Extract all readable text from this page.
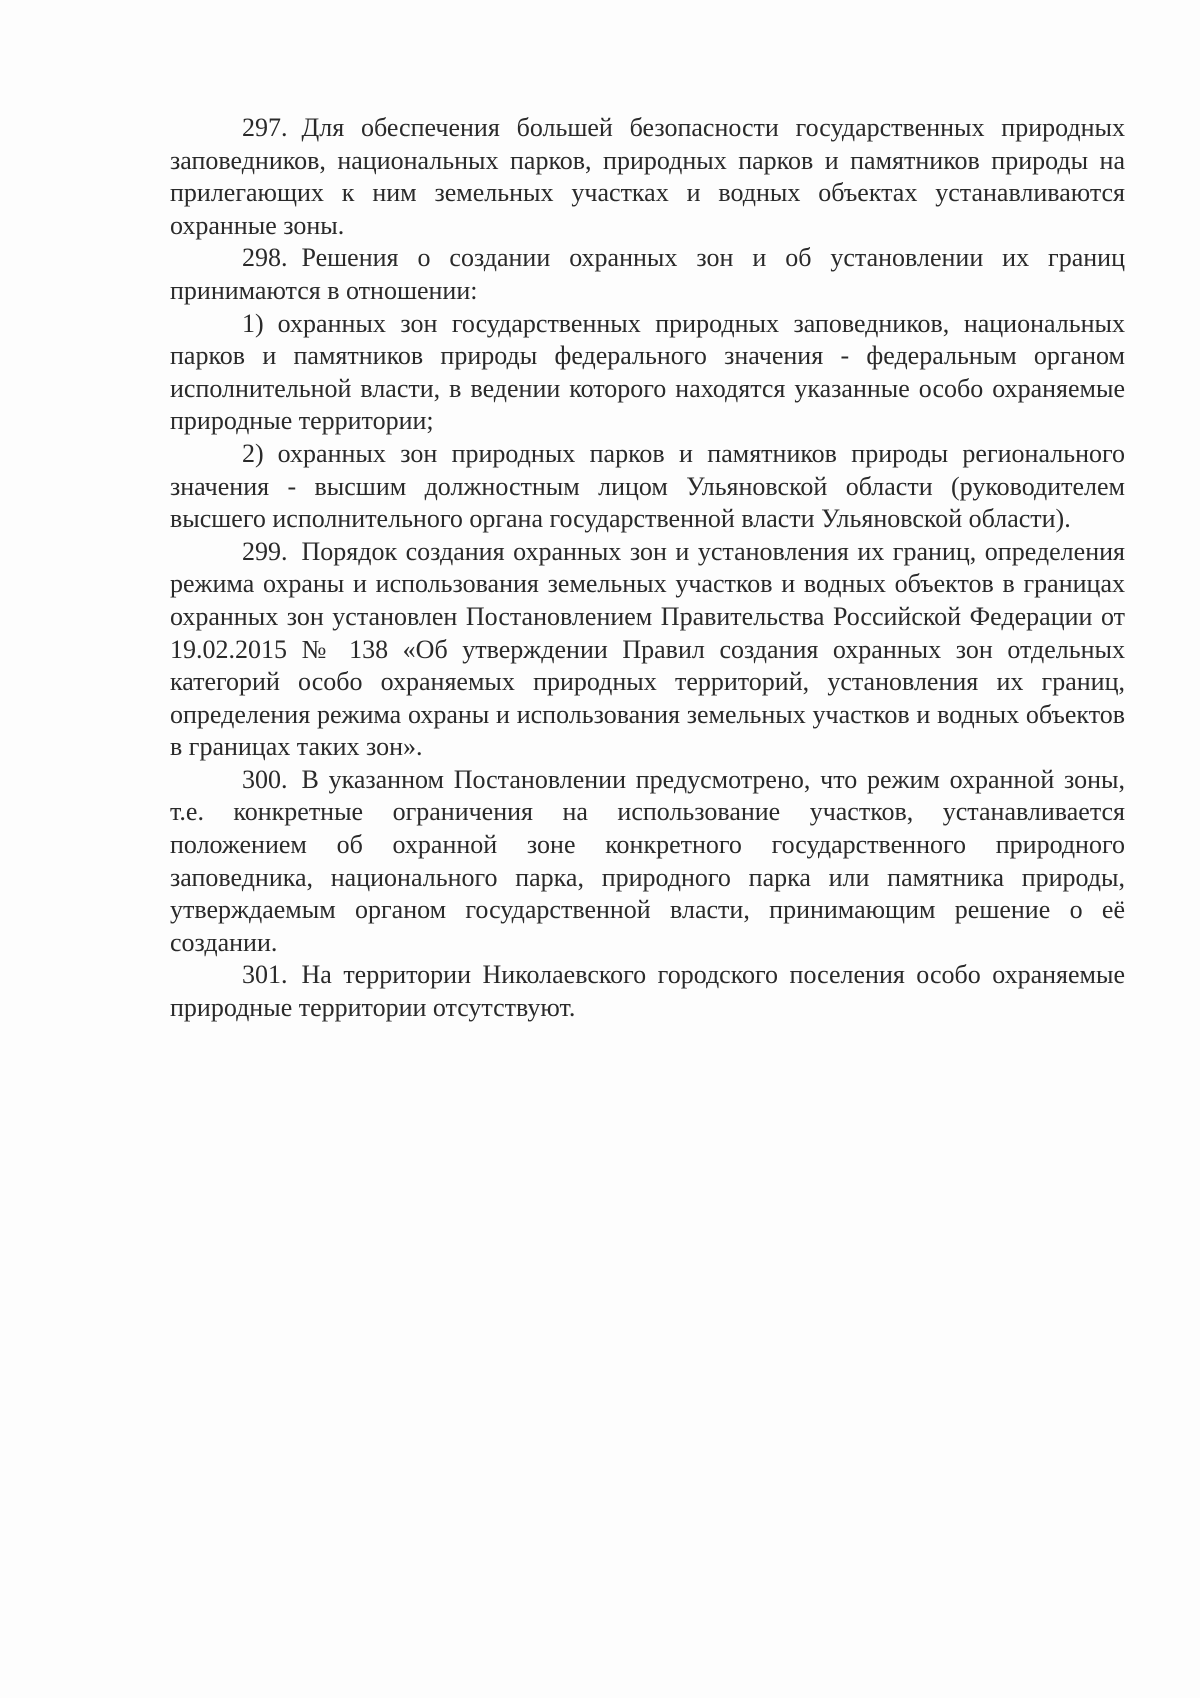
297. Для обеспечения большей безопасности государственных природных заповедников, национальных парков, природных парков и памятников природы на прилегающих к ним земельных участках и водных объектах устанавливаются охранные зоны.

298. Решения о создании охранных зон и об установлении их границ принимаются в отношении:

1) охранных зон государственных природных заповедников, национальных парков и памятников природы федерального значения - федеральным органом исполнительной власти, в ведении которого находятся указанные особо охраняемые природные территории;

2) охранных зон природных парков и памятников природы регионального значения - высшим должностным лицом Ульяновской области (руководителем высшего исполнительного органа государственной власти Ульяновской области).

299. Порядок создания охранных зон и установления их границ, определения режима охраны и использования земельных участков и водных объектов в границах охранных зон установлен Постановлением Правительства Российской Федерации от 19.02.2015 № 138 «Об утверждении Правил создания охранных зон отдельных категорий особо охраняемых природных территорий, установления их границ, определения режима охраны и использования земельных участков и водных объектов в границах таких зон».

300. В указанном Постановлении предусмотрено, что режим охранной зоны, т.е. конкретные ограничения на использование участков, устанавливается положением об охранной зоне конкретного государственного природного заповедника, национального парка, природного парка или памятника природы, утверждаемым органом государственной власти, принимающим решение о её создании.

301. На территории Николаевского городского поселения особо охраняемые природные территории отсутствуют.
